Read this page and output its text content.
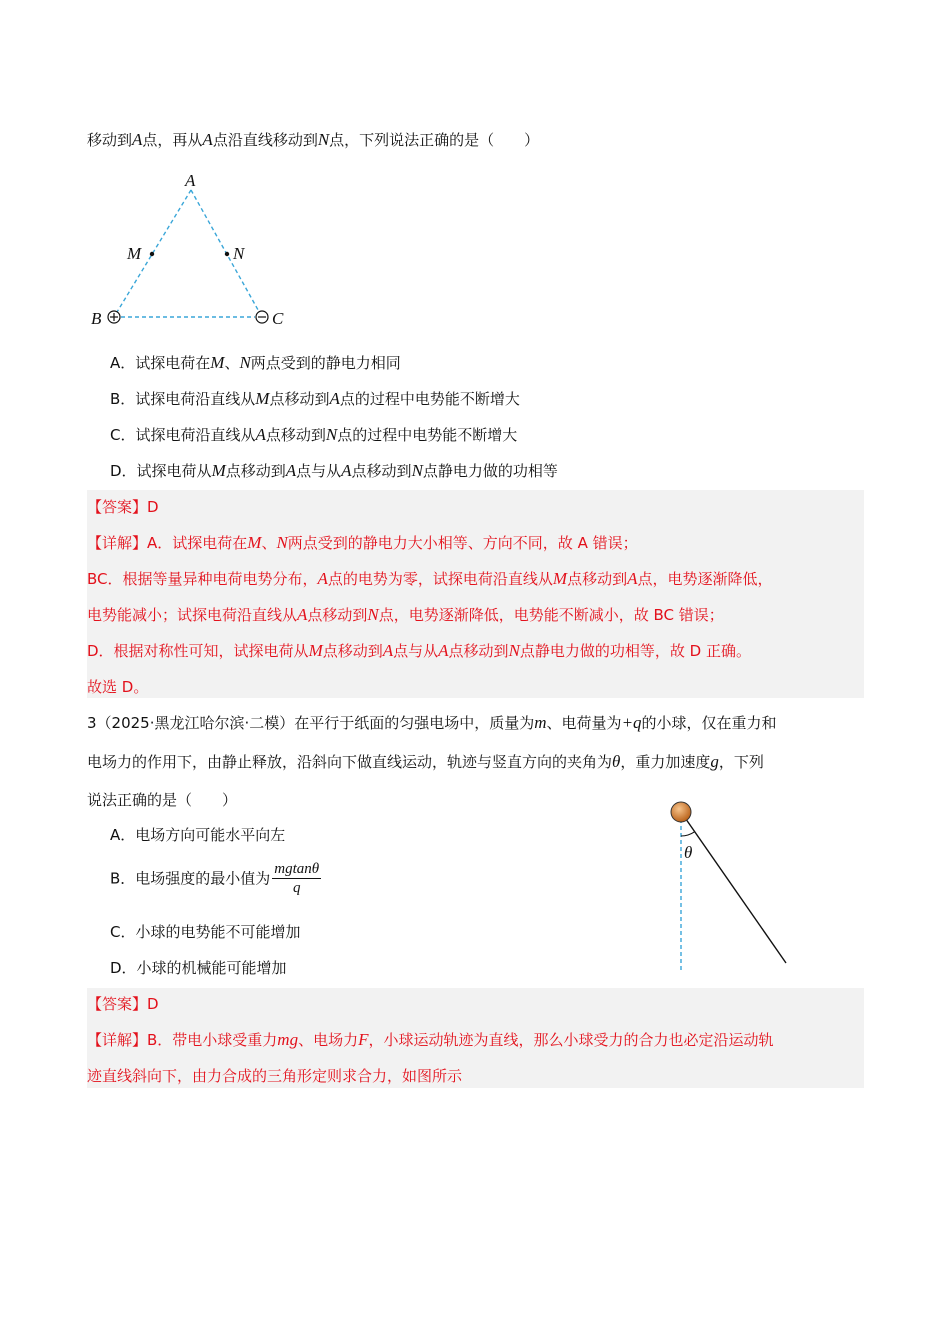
移动到A点，再从A点沿直线移动到N点，下列说法正确的是（　　）
A
M	N
B	C
A．试探电荷在M、N两点受到的静电力相同
B．试探电荷沿直线从M点移动到A点的过程中电势能不断增大
C．试探电荷沿直线从A点移动到N点的过程中电势能不断增大
D．试探电荷从M点移动到A点与从A点移动到N点静电力做的功相等
【答案】D
【详解】A．试探电荷在M、N两点受到的静电力大小相等、方向不同，故 A 错误；
BC．根据等量异种电荷电势分布，A点的电势为零，试探电荷沿直线从M点移动到A点，电势逐渐降低，
电势能减小；试探电荷沿直线从A点移动到N点，电势逐渐降低，电势能不断减小，故 BC 错误；
D．根据对称性可知，试探电荷从M点移动到A点与从A点移动到N点静电力做的功相等，故 D 正确。
故选 D。
3（2025·黑龙江哈尔滨·二模）在平行于纸面的匀强电场中，质量为m、电荷量为+q的小球，仅在重力和
电场力的作用下，由静止释放，沿斜向下做直线运动，轨迹与竖直方向的夹角为θ，重力加速度g，下列
说法正确的是（　　）
θ
A．电场方向可能水平向左
B．电场强度的最小值为 $\frac{mgtan\theta}{q}$
C．小球的电势能不可能增加
D．小球的机械能可能增加
【答案】D
【详解】B．带电小球受重力mg、电场力F，小球运动轨迹为直线，那么小球受力的合力也必定沿运动轨
迹直线斜向下，由力合成的三角形定则求合力，如图所示
